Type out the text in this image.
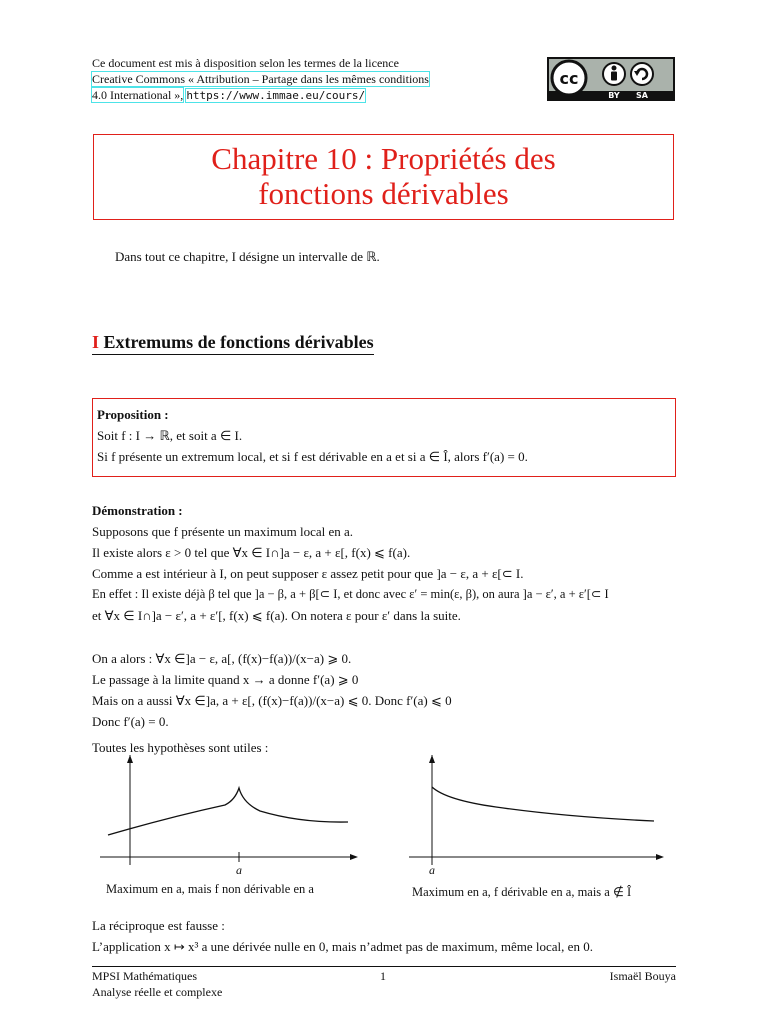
Ce document est mis à disposition selon les termes de la licence
Creative Commons « Attribution – Partage dans les mêmes conditions
4.0 International », https://www.immae.eu/cours/
cc
BY SA
Chapitre 10 : Propriétés des
fonctions dérivables
Dans tout ce chapitre, I désigne un intervalle de ℝ.
I Extremums de fonctions dérivables
Proposition :
Soit f : I → ℝ, et soit a ∈ I.
Si f présente un extremum local, et si f est dérivable en a et si a ∈ Î, alors f′(a) = 0.
Démonstration :
Supposons que f présente un maximum local en a.
Il existe alors ε > 0 tel que ∀x ∈ I∩]a − ε, a + ε[, f(x) ⩽ f(a).
Comme a est intérieur à I, on peut supposer ε assez petit pour que ]a − ε, a + ε[⊂ I.
En effet : Il existe déjà β tel que ]a − β, a + β[⊂ I, et donc avec ε′ = min(ε, β), on aura ]a − ε′, a + ε′[⊂ I
et ∀x ∈ I∩]a − ε′, a + ε′[, f(x) ⩽ f(a). On notera ε pour ε′ dans la suite.
On a alors : ∀x ∈]a − ε, a[, (f(x)−f(a))/(x−a) ⩾ 0.
Le passage à la limite quand x → a donne f′(a) ⩾ 0
Mais on a aussi ∀x ∈]a, a + ε[, (f(x)−f(a))/(x−a) ⩽ 0. Donc f′(a) ⩽ 0
Donc f′(a) = 0.
Toutes les hypothèses sont utiles :
a
Maximum en a, mais f non dérivable en a
a
Maximum en a, f dérivable en a, mais a ∉ Î
La réciproque est fausse :
L’application x ↦ x³ a une dérivée nulle en 0, mais n’admet pas de maximum, même local, en 0.
MPSI Mathématiques
Analyse réelle et complexe
1	Ismaël Bouya
